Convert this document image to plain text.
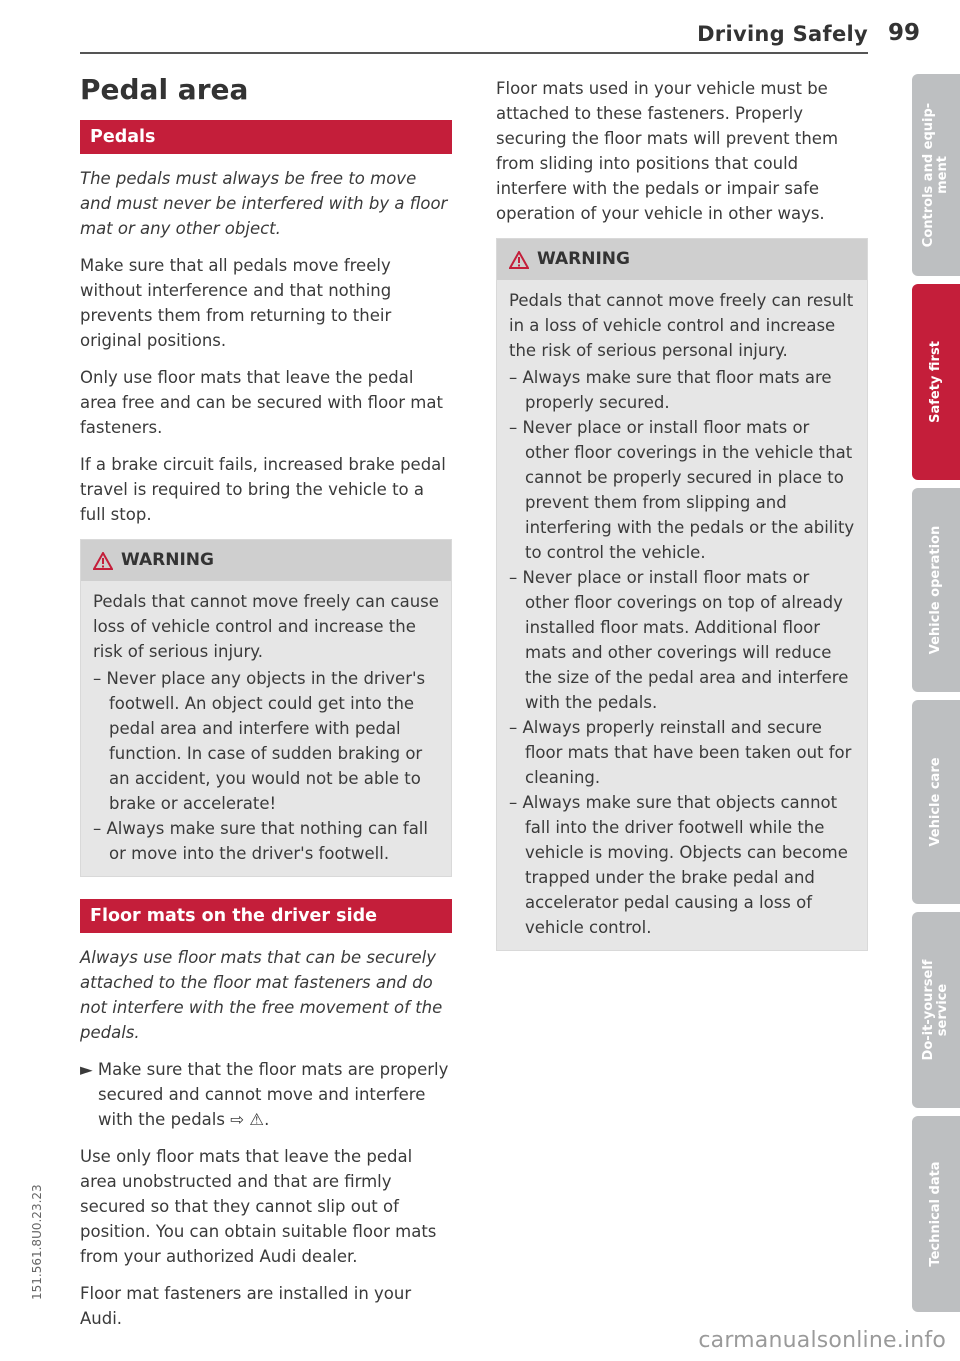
Driving Safely 99
Pedal area
Pedals

The pedals must always be free to move and must never be interfered with by a floor mat or any other object.

Make sure that all pedals move freely without interference and that nothing prevents them from returning to their original positions.

Only use floor mats that leave the pedal area free and can be secured with floor mat fasteners.

If a brake circuit fails, increased brake pedal travel is required to bring the vehicle to a full stop.

WARNING

Pedals that cannot move freely can cause loss of vehicle control and increase the risk of serious injury.

– Never place any objects in the driver's footwell. An object could get into the pedal area and interfere with pedal function. In case of sudden braking or an accident, you would not be able to brake or accelerate!
– Always make sure that nothing can fall or move into the driver's footwell.
Floor mats on the driver side

Always use floor mats that can be securely attached to the floor mat fasteners and do not interfere with the free movement of the pedals.

► Make sure that the floor mats are properly secured and cannot move and interfere with the pedals ⇨ ⚠.

Use only floor mats that leave the pedal area unobstructed and that are firmly secured so that they cannot slip out of position. You can obtain suitable floor mats from your authorized Audi dealer.

Floor mat fasteners are installed in your Audi.

Floor mats used in your vehicle must be attached to these fasteners. Properly securing the floor mats will prevent them from sliding into positions that could interfere with the pedals or impair safe operation of your vehicle in other ways.

WARNING

Pedals that cannot move freely can result in a loss of vehicle control and increase the risk of serious personal injury.

– Always make sure that floor mats are properly secured.
– Never place or install floor mats or other floor coverings in the vehicle that cannot be properly secured in place to prevent them from slipping and interfering with the pedals or the ability to control the vehicle.
– Never place or install floor mats or other floor coverings on top of already installed floor mats. Additional floor mats and other coverings will reduce the size of the pedal area and interfere with the pedals.
– Always properly reinstall and secure floor mats that have been taken out for cleaning.
– Always make sure that objects cannot fall into the driver footwell while the vehicle is moving. Objects can become trapped under the brake pedal and accelerator pedal causing a loss of vehicle control.
Controls and equip-
ment
Safety first
Vehicle operation
Vehicle care
Do-it-yourself
service
Technical data
151.561.8U0.23.23
carmanualsonline.info
